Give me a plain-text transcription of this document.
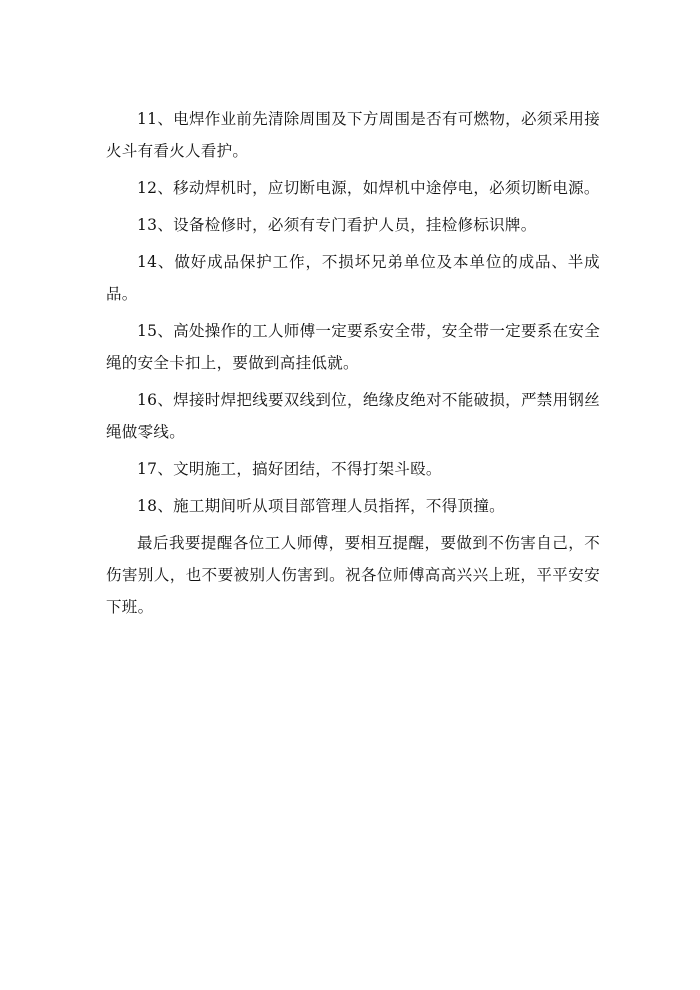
11、电焊作业前先清除周围及下方周围是否有可燃物，必须采用接火斗有看火人看护。

12、移动焊机时，应切断电源，如焊机中途停电，必须切断电源。

13、设备检修时，必须有专门看护人员，挂检修标识牌。

14、做好成品保护工作，不损坏兄弟单位及本单位的成品、半成品。

15、高处操作的工人师傅一定要系安全带，安全带一定要系在安全绳的安全卡扣上，要做到高挂低就。

16、焊接时焊把线要双线到位，绝缘皮绝对不能破损，严禁用钢丝绳做零线。

17、文明施工，搞好团结，不得打架斗殴。

18、施工期间听从项目部管理人员指挥，不得顶撞。

最后我要提醒各位工人师傅，要相互提醒，要做到不伤害自己，不伤害别人，也不要被别人伤害到。祝各位师傅高高兴兴上班，平平安安下班。
